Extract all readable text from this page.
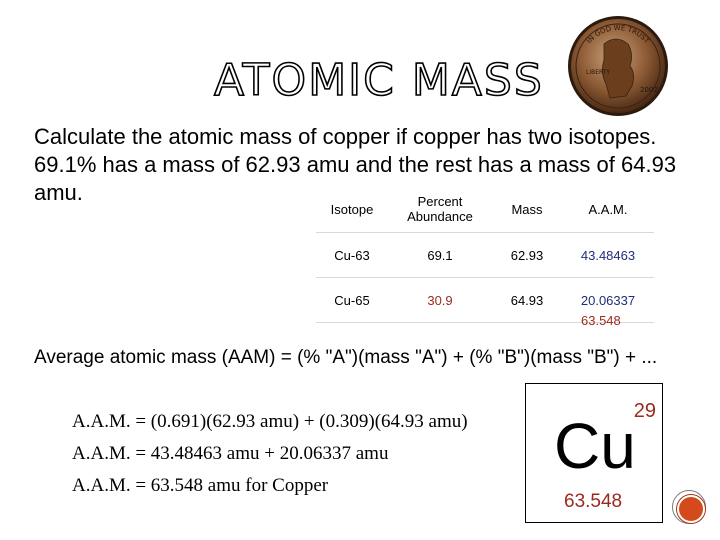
ATOMIC MASS
IN GOD WE TRUST
LIBERTY
2002
Calculate the atomic mass of copper if copper has two isotopes. 69.1% has a mass of 62.93 amu and the rest has a mass of 64.93 amu.
Isotope	Percent Abundance	Mass	A.A.M.
Cu-63	69.1	62.93	43.48463
Cu-65	30.9	64.93	20.06337
63.548
Average atomic mass (AAM) = (% "A")(mass "A") + (% "B")(mass "B") + ...
A.A.M. = (0.691)(62.93 amu) + (0.309)(64.93 amu)
A.A.M. = 43.48463 amu + 20.06337 amu
A.A.M. = 63.548 amu for Copper
29
Cu
63.548
